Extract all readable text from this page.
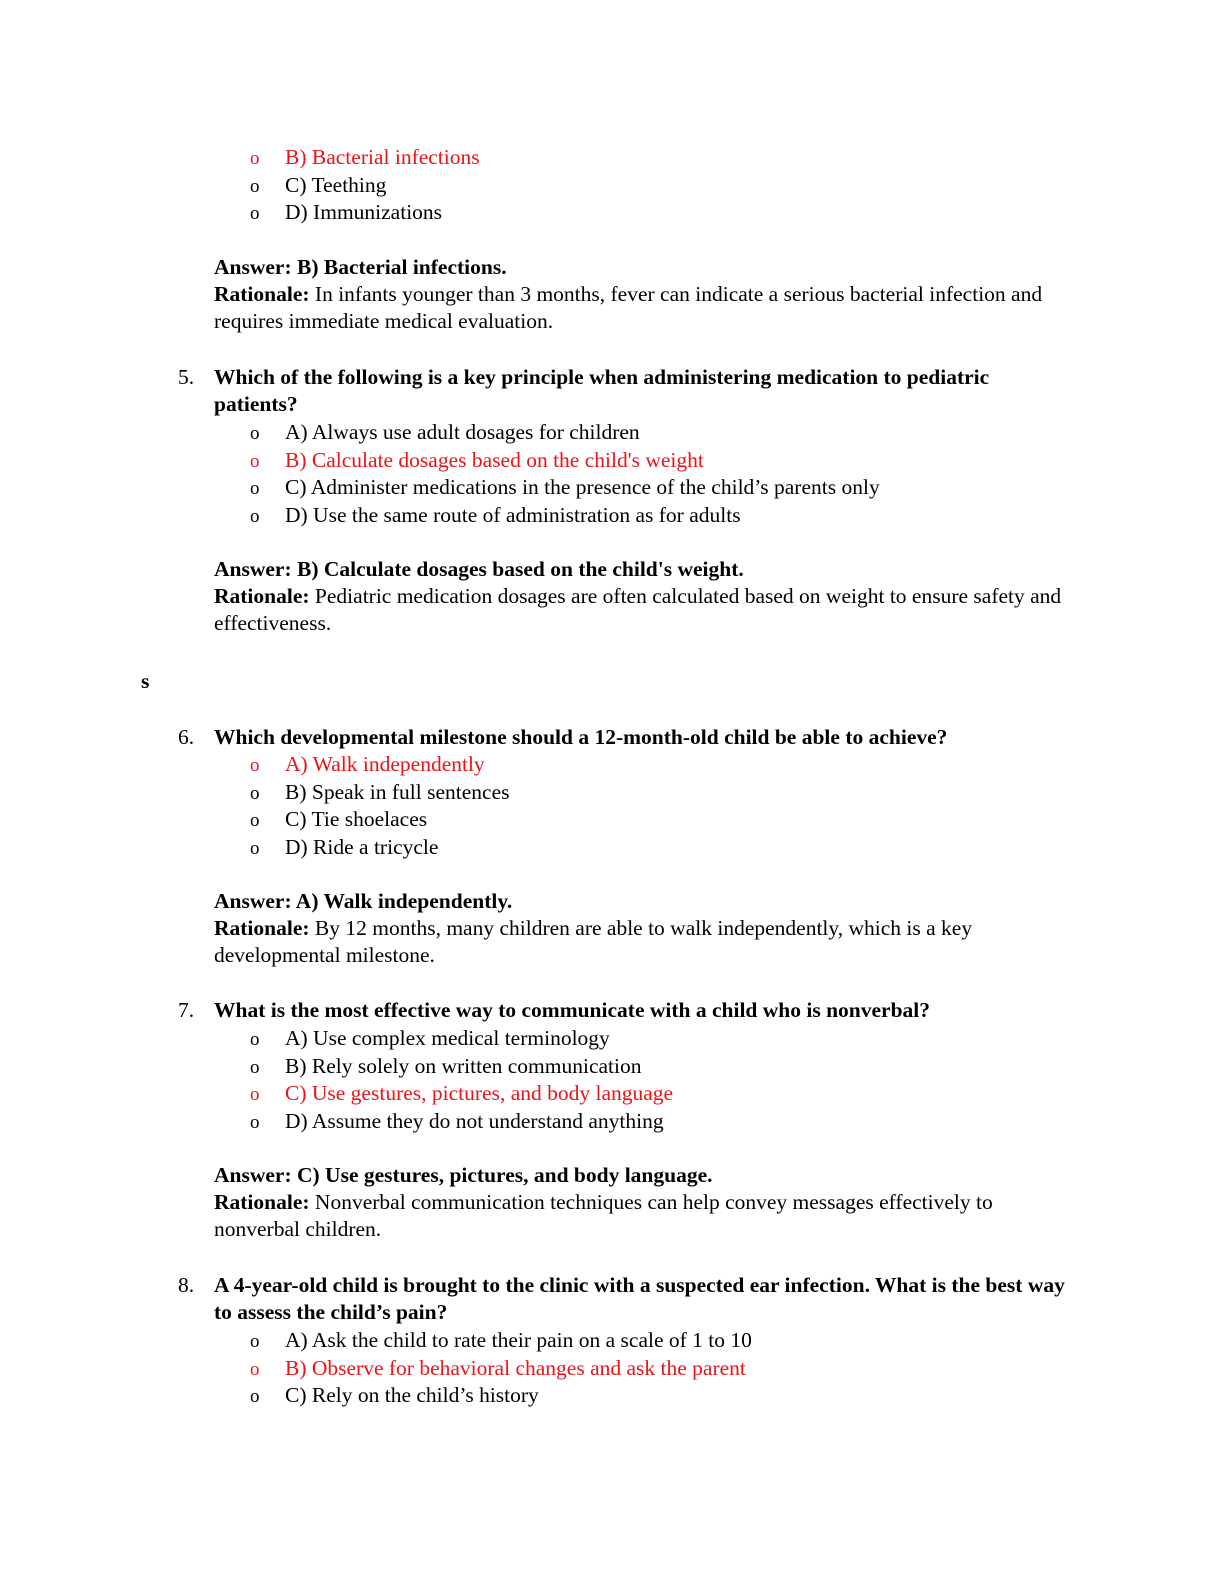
o B) Bacterial infections
o C) Teething
o D) Immunizations
Answer: B) Bacterial infections.
Rationale: In infants younger than 3 months, fever can indicate a serious bacterial infection and requires immediate medical evaluation.
5. Which of the following is a key principle when administering medication to pediatric patients?
o A) Always use adult dosages for children
o B) Calculate dosages based on the child's weight
o C) Administer medications in the presence of the child’s parents only
o D) Use the same route of administration as for adults
Answer: B) Calculate dosages based on the child's weight.
Rationale: Pediatric medication dosages are often calculated based on weight to ensure safety and effectiveness.
s
6. Which developmental milestone should a 12-month-old child be able to achieve?
o A) Walk independently
o B) Speak in full sentences
o C) Tie shoelaces
o D) Ride a tricycle
Answer: A) Walk independently.
Rationale: By 12 months, many children are able to walk independently, which is a key developmental milestone.
7. What is the most effective way to communicate with a child who is nonverbal?
o A) Use complex medical terminology
o B) Rely solely on written communication
o C) Use gestures, pictures, and body language
o D) Assume they do not understand anything
Answer: C) Use gestures, pictures, and body language.
Rationale: Nonverbal communication techniques can help convey messages effectively to nonverbal children.
8. A 4-year-old child is brought to the clinic with a suspected ear infection. What is the best way to assess the child’s pain?
o A) Ask the child to rate their pain on a scale of 1 to 10
o B) Observe for behavioral changes and ask the parent
o C) Rely on the child’s history
